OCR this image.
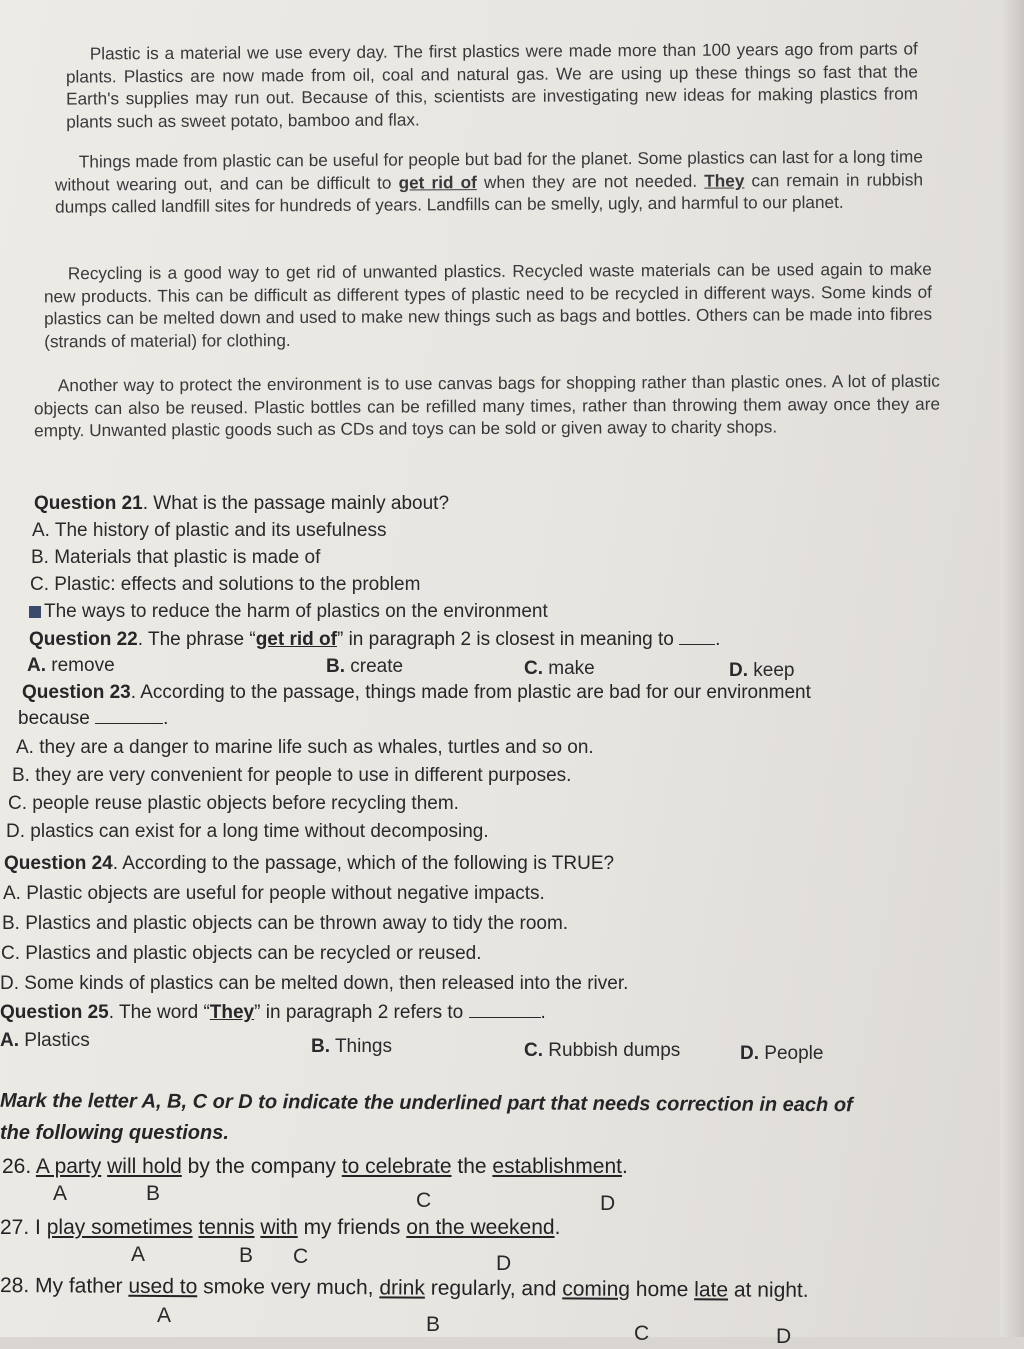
Plastic is a material we use every day. The first plastics were made more than 100 years ago from parts of plants. Plastics are now made from oil, coal and natural gas. We are using up these things so fast that the Earth's supplies may run out. Because of this, scientists are investigating new ideas for making plastics from plants such as sweet potato, bamboo and flax.
Things made from plastic can be useful for people but bad for the planet. Some plastics can last for a long time without wearing out, and can be difficult to get rid of when they are not needed. They can remain in rubbish dumps called landfill sites for hundreds of years. Landfills can be smelly, ugly, and harmful to our planet.
Recycling is a good way to get rid of unwanted plastics. Recycled waste materials can be used again to make new products. This can be difficult as different types of plastic need to be recycled in different ways. Some kinds of plastics can be melted down and used to make new things such as bags and bottles. Others can be made into fibres (strands of material) for clothing.
Another way to protect the environment is to use canvas bags for shopping rather than plastic ones. A lot of plastic objects can also be reused. Plastic bottles can be refilled many times, rather than throwing them away once they are empty. Unwanted plastic goods such as CDs and toys can be sold or given away to charity shops.
Question 21. What is the passage mainly about?
A. The history of plastic and its usefulness
B. Materials that plastic is made of
C. Plastic: effects and solutions to the problem
The ways to reduce the harm of plastics on the environment
Question 22. The phrase “get rid of” in paragraph 2 is closest in meaning to .
A. remove	B. create	C. make	D. keep
Question 23. According to the passage, things made from plastic are bad for our environment
because	.
A. they are a danger to marine life such as whales, turtles and so on.
B. they are very convenient for people to use in different purposes.
C. people reuse plastic objects before recycling them.
D. plastics can exist for a long time without decomposing.
Question 24. According to the passage, which of the following is TRUE?
A. Plastic objects are useful for people without negative impacts.
B. Plastics and plastic objects can be thrown away to tidy the room.
C. Plastics and plastic objects can be recycled or reused.
D. Some kinds of plastics can be melted down, then released into the river.
Question 25. The word “They” in paragraph 2 refers to	.
A. Plastics	B. Things	C. Rubbish dumps	D. People
Mark the letter A, B, C or D to indicate the underlined part that needs correction in each of
the following questions.
26. A party will hold by the company to celebrate the establishment.
A	B	C	D
27. I play sometimes tennis with my friends on the weekend.
A	B C	D
28. My father used to smoke very much, drink regularly, and coming home late at night.
A	B	C	D
